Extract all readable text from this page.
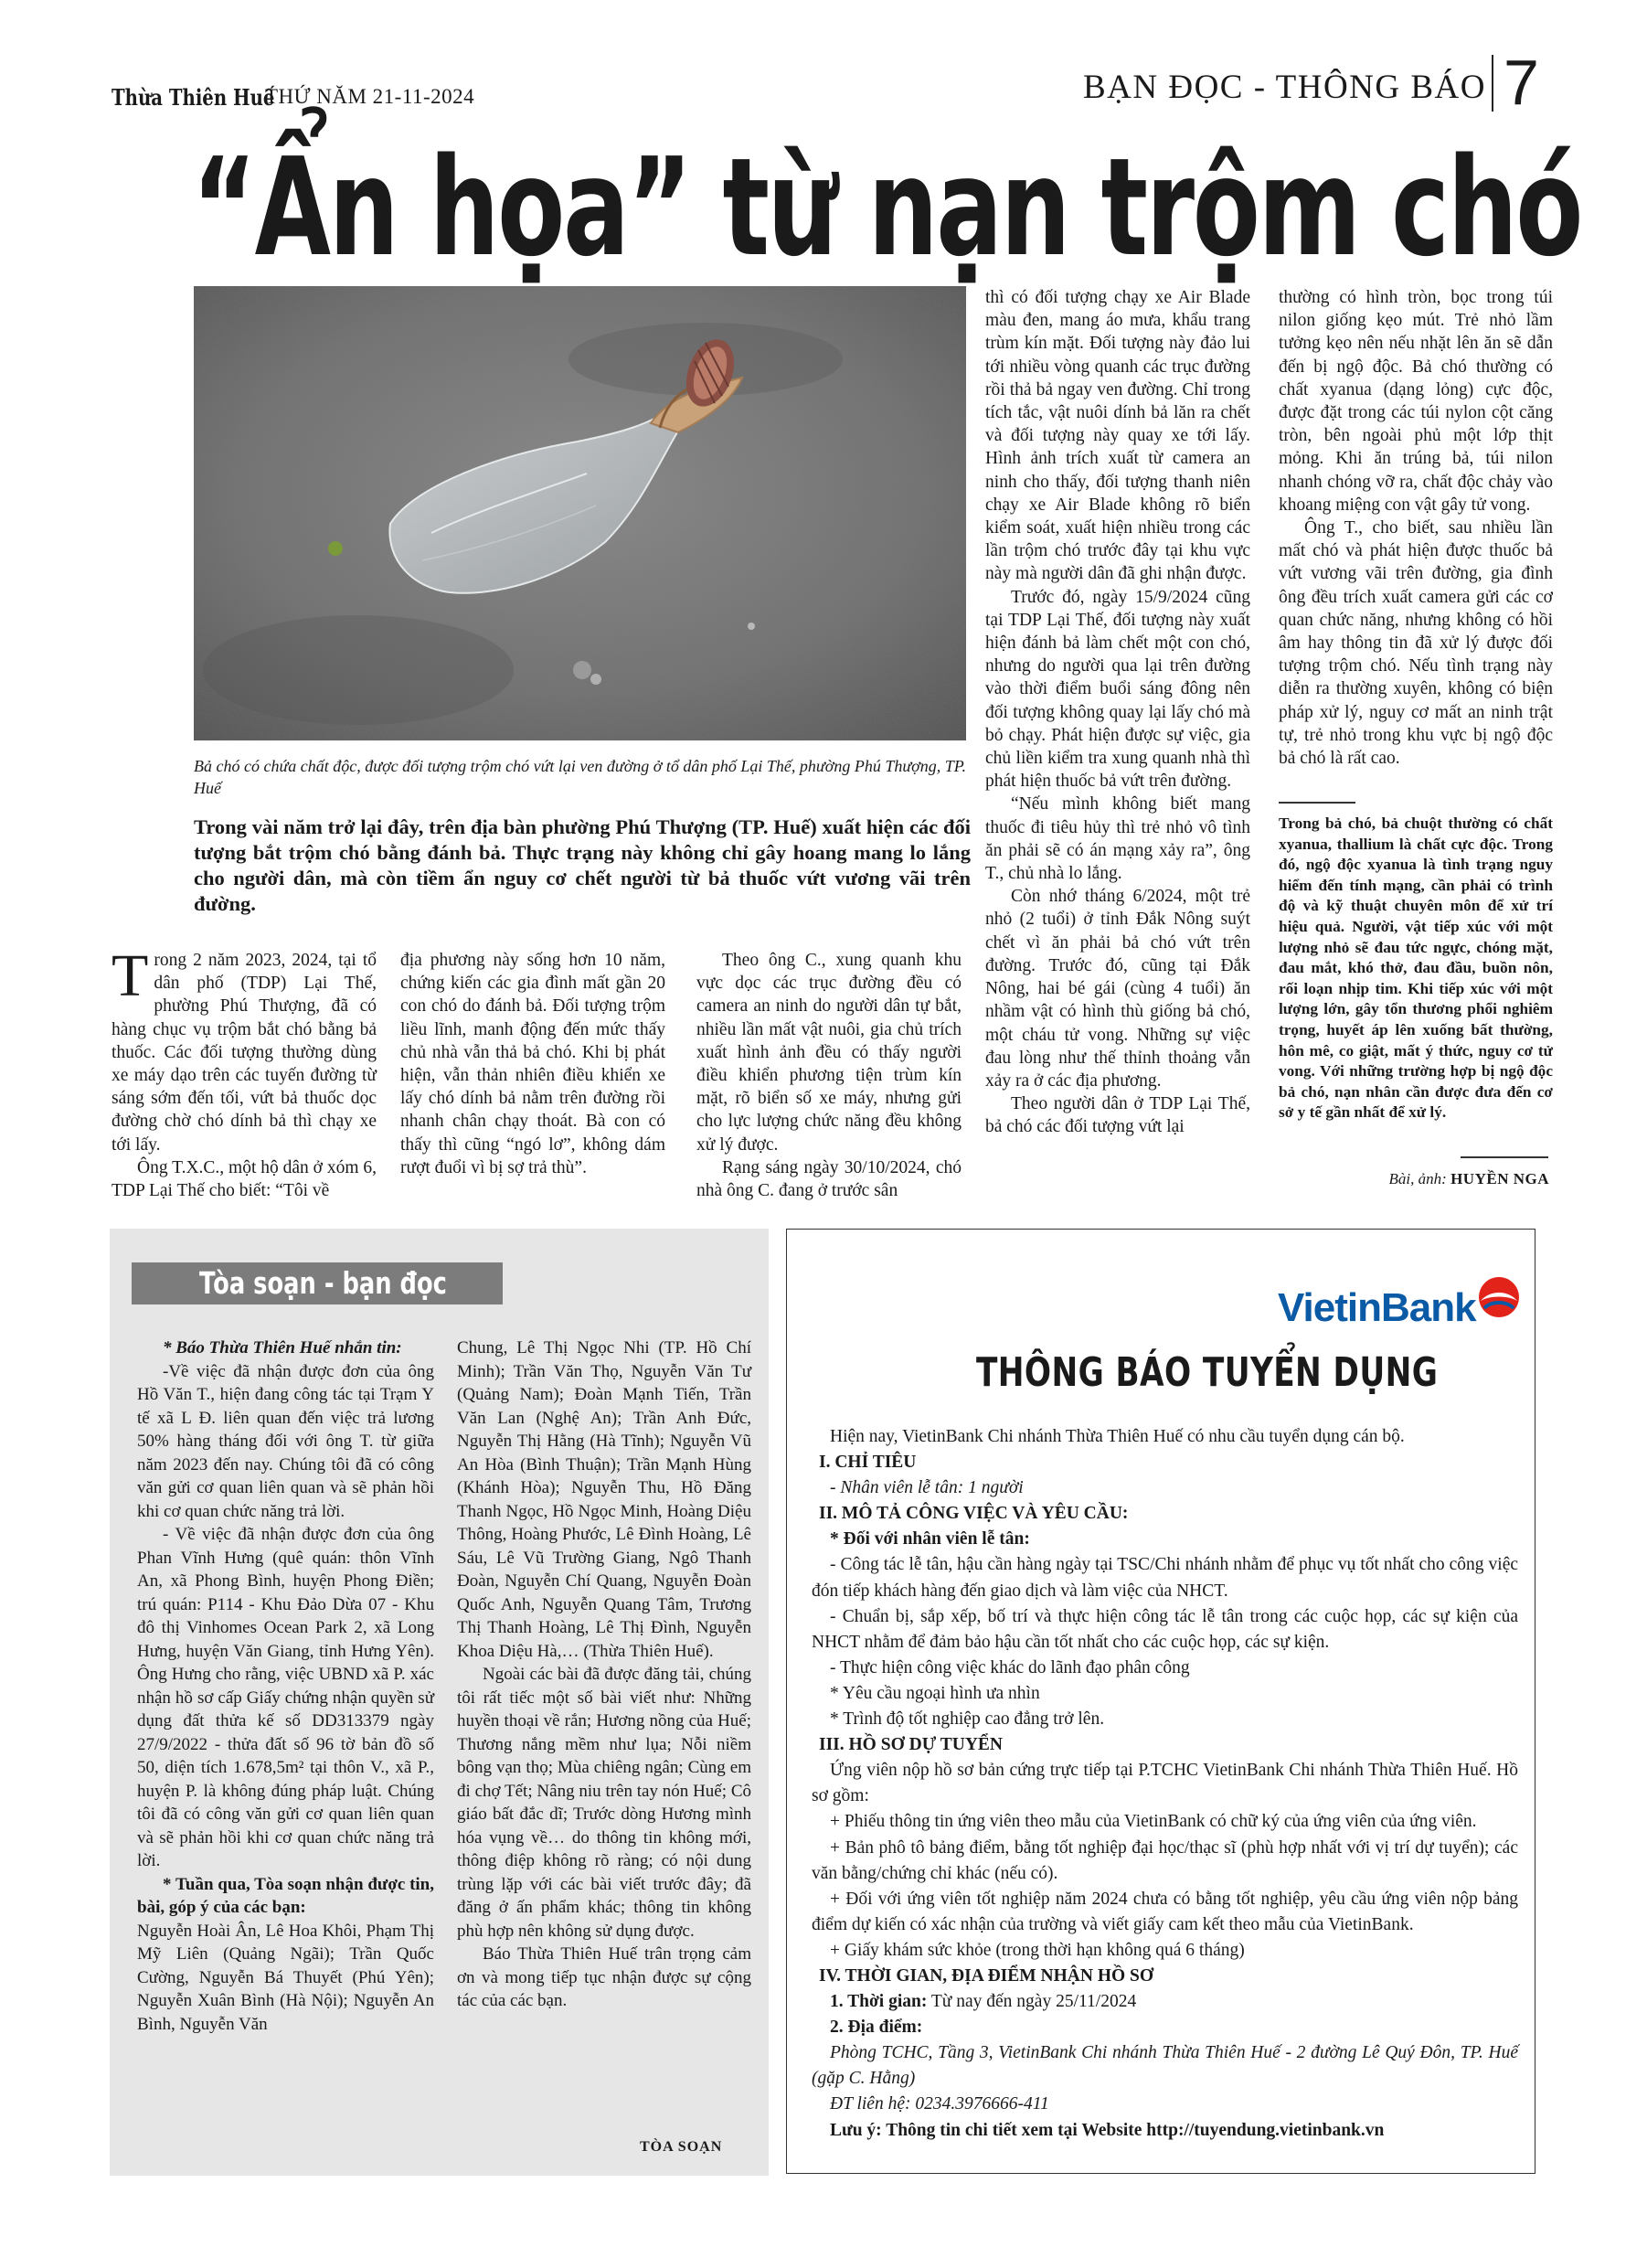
Thừa Thiên Huế
THỨ NĂM 21-11-2024	BẠN ĐỌC - THÔNG BÁO 7
“Ẩn họa” từ nạn trộm chó
Bả chó có chứa chất độc, được đối tượng trộm chó vứt lại ven đường ở tổ dân phố Lại Thế, phường Phú Thượng, TP. Huế
Trong vài năm trở lại đây, trên địa bàn phường Phú Thượng (TP. Huế) xuất hiện các đối tượng bắt trộm chó bằng đánh bả. Thực trạng này không chỉ gây hoang mang lo lắng cho người dân, mà còn tiềm ẩn nguy cơ chết người từ bả thuốc vứt vương vãi trên đường.

Trong 2 năm 2023, 2024, tại tổ dân phố (TDP) Lại Thế, phường Phú Thượng, đã có hàng chục vụ trộm bắt chó bằng bả thuốc. Các đối tượng thường dùng xe máy dạo trên các tuyến đường từ sáng sớm đến tối, vứt bả thuốc dọc đường chờ chó dính bả thì chạy xe tới lấy.

Ông T.X.C., một hộ dân ở xóm 6, TDP Lại Thế cho biết: “Tôi về

địa phương này sống hơn 10 năm, chứng kiến các gia đình mất gần 20 con chó do đánh bả. Đối tượng trộm liều lĩnh, manh động đến mức thấy chủ nhà vẫn thả bả chó. Khi bị phát hiện, vẫn thản nhiên điều khiển xe lấy chó dính bả nằm trên đường rồi nhanh chân chạy thoát. Bà con có thấy thì cũng “ngó lơ”, không dám rượt đuổi vì bị sợ trả thù”.

Theo ông C., xung quanh khu vực dọc các trục đường đều có camera an ninh do người dân tự bắt, nhiều lần mất vật nuôi, gia chủ trích xuất hình ảnh đều có thấy người điều khiển phương tiện trùm kín mặt, rõ biển số xe máy, nhưng gửi cho lực lượng chức năng đều không xử lý được.

Rạng sáng ngày 30/10/2024, chó nhà ông C. đang ở trước sân

thì có đối tượng chạy xe Air Blade màu đen, mang áo mưa, khẩu trang trùm kín mặt. Đối tượng này đảo lui tới nhiều vòng quanh các trục đường rồi thả bả ngay ven đường. Chỉ trong tích tắc, vật nuôi dính bả lăn ra chết và đối tượng này quay xe tới lấy. Hình ảnh trích xuất từ camera an ninh cho thấy, đối tượng thanh niên chạy xe Air Blade không rõ biển kiểm soát, xuất hiện nhiều trong các lần trộm chó trước đây tại khu vực này mà người dân đã ghi nhận được.

Trước đó, ngày 15/9/2024 cũng tại TDP Lại Thế, đối tượng này xuất hiện đánh bả làm chết một con chó, nhưng do người qua lại trên đường vào thời điểm buổi sáng đông nên đối tượng không quay lại lấy chó mà bỏ chạy. Phát hiện được sự việc, gia chủ liền kiểm tra xung quanh nhà thì phát hiện thuốc bả vứt trên đường.

“Nếu mình không biết mang thuốc đi tiêu hủy thì trẻ nhỏ vô tình ăn phải sẽ có án mạng xảy ra”, ông T., chủ nhà lo lắng.

Còn nhớ tháng 6/2024, một trẻ nhỏ (2 tuổi) ở tỉnh Đắk Nông suýt chết vì ăn phải bả chó vứt trên đường. Trước đó, cũng tại Đắk Nông, hai bé gái (cùng 4 tuổi) ăn nhầm vật có hình thù giống bả chó, một cháu tử vong. Những sự việc đau lòng như thế thỉnh thoảng vẫn xảy ra ở các địa phương.

Theo người dân ở TDP Lại Thế, bả chó các đối tượng vứt lại

thường có hình tròn, bọc trong túi nilon giống kẹo mút. Trẻ nhỏ lầm tưởng kẹo nên nếu nhặt lên ăn sẽ dẫn đến bị ngộ độc. Bả chó thường có chất xyanua (dạng lỏng) cực độc, được đặt trong các túi nylon cột căng tròn, bên ngoài phủ một lớp thịt mỏng. Khi ăn trúng bả, túi nilon nhanh chóng vỡ ra, chất độc chảy vào khoang miệng con vật gây tử vong.

Ông T., cho biết, sau nhiều lần mất chó và phát hiện được thuốc bả vứt vương vãi trên đường, gia đình ông đều trích xuất camera gửi các cơ quan chức năng, nhưng không có hồi âm hay thông tin đã xử lý được đối tượng trộm chó. Nếu tình trạng này diễn ra thường xuyên, không có biện pháp xử lý, nguy cơ mất an ninh trật tự, trẻ nhỏ trong khu vực bị ngộ độc bả chó là rất cao.

Trong bả chó, bả chuột thường có chất xyanua, thallium là chất cực độc. Trong đó, ngộ độc xyanua là tình trạng nguy hiểm đến tính mạng, cần phải có trình độ và kỹ thuật chuyên môn để xử trí hiệu quả. Người, vật tiếp xúc với một lượng nhỏ sẽ đau tức ngực, chóng mặt, đau mắt, khó thở, đau đầu, buồn nôn, rối loạn nhịp tim. Khi tiếp xúc với một lượng lớn, gây tổn thương phổi nghiêm trọng, huyết áp lên xuống bất thường, hôn mê, co giật, mất ý thức, nguy cơ tử vong. Với những trường hợp bị ngộ độc bả chó, nạn nhân cần được đưa đến cơ sở y tế gần nhất để xử lý.
Bài, ảnh: HUYỀN NGA
Tòa soạn - bạn đọc

* Báo Thừa Thiên Huế nhắn tin:

-Về việc đã nhận được đơn của ông Hồ Văn T., hiện đang công tác tại Trạm Y tế xã L Đ. liên quan đến việc trả lương 50% hàng tháng đối với ông T. từ giữa năm 2023 đến nay. Chúng tôi đã có công văn gửi cơ quan liên quan và sẽ phản hồi khi cơ quan chức năng trả lời.

- Về việc đã nhận được đơn của ông Phan Vĩnh Hưng (quê quán: thôn Vĩnh An, xã Phong Bình, huyện Phong Điền; trú quán: P114 - Khu Đảo Dừa 07 - Khu đô thị Vinhomes Ocean Park 2, xã Long Hưng, huyện Văn Giang, tỉnh Hưng Yên). Ông Hưng cho rằng, việc UBND xã P. xác nhận hồ sơ cấp Giấy chứng nhận quyền sử dụng đất thửa kế số DD313379 ngày 27/9/2022 - thửa đất số 96 tờ bản đồ số 50, diện tích 1.678,5m² tại thôn V., xã P., huyện P. là không đúng pháp luật. Chúng tôi đã có công văn gửi cơ quan liên quan và sẽ phản hồi khi cơ quan chức năng trả lời.

* Tuần qua, Tòa soạn nhận được tin, bài, góp ý của các bạn:

Nguyễn Hoài Ân, Lê Hoa Khôi, Phạm Thị Mỹ Liên (Quảng Ngãi); Trần Quốc Cường, Nguyễn Bá Thuyết (Phú Yên); Nguyễn Xuân Bình (Hà Nội); Nguyễn An Bình, Nguyễn Văn

Chung, Lê Thị Ngọc Nhi (TP. Hồ Chí Minh); Trần Văn Thọ, Nguyễn Văn Tư (Quảng Nam); Đoàn Mạnh Tiến, Trần Văn Lan (Nghệ An); Trần Anh Đức, Nguyễn Thị Hằng (Hà Tĩnh); Nguyễn Vũ An Hòa (Bình Thuận); Trần Mạnh Hùng (Khánh Hòa); Nguyễn Thu, Hồ Đăng Thanh Ngọc, Hồ Ngọc Minh, Hoàng Diệu Thông, Hoàng Phước, Lê Đình Hoàng, Lê Sáu, Lê Vũ Trường Giang, Ngô Thanh Đoàn, Nguyễn Chí Quang, Nguyễn Đoàn Quốc Anh, Nguyễn Quang Tâm, Trương Thị Thanh Hoàng, Lê Thị Đình, Nguyễn Khoa Diệu Hà,… (Thừa Thiên Huế).

Ngoài các bài đã được đăng tải, chúng tôi rất tiếc một số bài viết như: Những huyền thoại về rắn; Hương nồng của Huế; Thương nắng mềm như lụa; Nỗi niềm bông vạn thọ; Mùa chiêng ngân; Cùng em đi chợ Tết; Nâng niu trên tay nón Huế; Cô giáo bất đắc dĩ; Trước dòng Hương mình hóa vụng về… do thông tin không mới, thông điệp không rõ ràng; có nội dung trùng lặp với các bài viết trước đây; đã đăng ở ấn phẩm khác; thông tin không phù hợp nên không sử dụng được.

Báo Thừa Thiên Huế trân trọng cảm ơn và mong tiếp tục nhận được sự cộng tác của các bạn.

TÒA SOẠN
VietinBank
THÔNG BÁO TUYỂN DỤNG

Hiện nay, VietinBank Chi nhánh Thừa Thiên Huế có nhu cầu tuyển dụng cán bộ.

I. CHỈ TIÊU

- Nhân viên lễ tân: 1 người

II. MÔ TẢ CÔNG VIỆC VÀ YÊU CẦU:

* Đối với nhân viên lễ tân:

- Công tác lễ tân, hậu cần hàng ngày tại TSC/Chi nhánh nhằm để phục vụ tốt nhất cho công việc đón tiếp khách hàng đến giao dịch và làm việc của NHCT.

- Chuẩn bị, sắp xếp, bố trí và thực hiện công tác lễ tân trong các cuộc họp, các sự kiện của NHCT nhằm để đảm bảo hậu cần tốt nhất cho các cuộc họp, các sự kiện.

- Thực hiện công việc khác do lãnh đạo phân công

* Yêu cầu ngoại hình ưa nhìn

* Trình độ tốt nghiệp cao đẳng trở lên.

III. HỒ SƠ DỰ TUYỂN

Ứng viên nộp hồ sơ bản cứng trực tiếp tại P.TCHC VietinBank Chi nhánh Thừa Thiên Huế. Hồ sơ gồm:

+ Phiếu thông tin ứng viên theo mẫu của VietinBank có chữ ký của ứng viên của ứng viên.

+ Bản phô tô bảng điểm, bằng tốt nghiệp đại học/thạc sĩ (phù hợp nhất với vị trí dự tuyển); các văn bằng/chứng chỉ khác (nếu có).

+ Đối với ứng viên tốt nghiệp năm 2024 chưa có bằng tốt nghiệp, yêu cầu ứng viên nộp bảng điểm dự kiến có xác nhận của trường và viết giấy cam kết theo mẫu của VietinBank.

+ Giấy khám sức khỏe (trong thời hạn không quá 6 tháng)

IV. THỜI GIAN, ĐỊA ĐIỂM NHẬN HỒ SƠ

1. Thời gian: Từ nay đến ngày 25/11/2024

2. Địa điểm:

Phòng TCHC, Tầng 3, VietinBank Chi nhánh Thừa Thiên Huế - 2 đường Lê Quý Đôn, TP. Huế (gặp C. Hằng)

ĐT liên hệ: 0234.3976666-411

Lưu ý: Thông tin chi tiết xem tại Website http://tuyendung.vietinbank.vn
